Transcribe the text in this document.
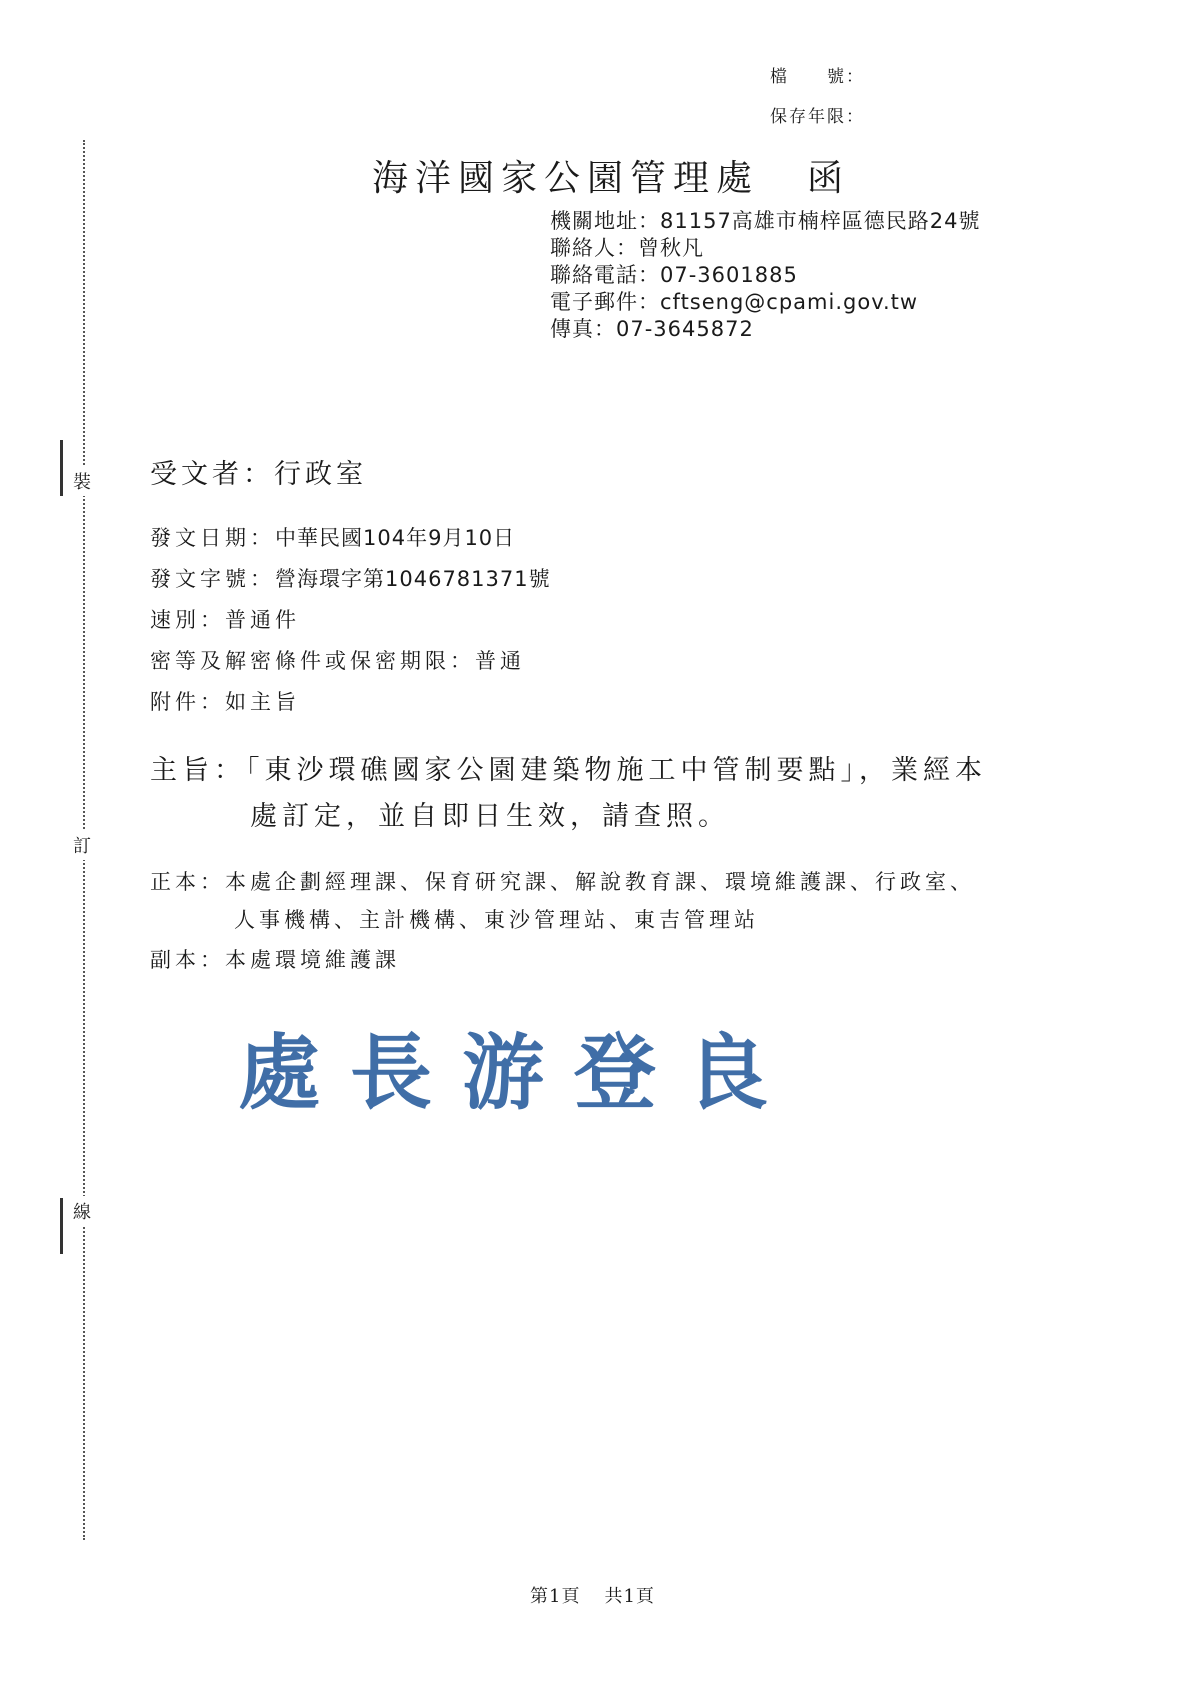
檔　　號：
保存年限：
裝
訂
線
海洋國家公園管理處 函
機關地址：81157高雄市楠梓區德民路24號
聯絡人：曾秋凡
聯絡電話：07-3601885
電子郵件：cftseng@cpami.gov.tw
傳真：07-3645872
受文者：行政室
發文日期：中華民國104年9月10日
發文字號：營海環字第1046781371號
速別：普通件
密等及解密條件或保密期限：普通
附件：如主旨
主旨：「東沙環礁國家公園建築物施工中管制要點」，業經本
處訂定，並自即日生效，請查照。
正本：本處企劃經理課、保育研究課、解說教育課、環境維護課、行政室、
人事機構、主計機構、東沙管理站、東吉管理站
副本：本處環境維護課
處長游登良
第1頁 共1頁
